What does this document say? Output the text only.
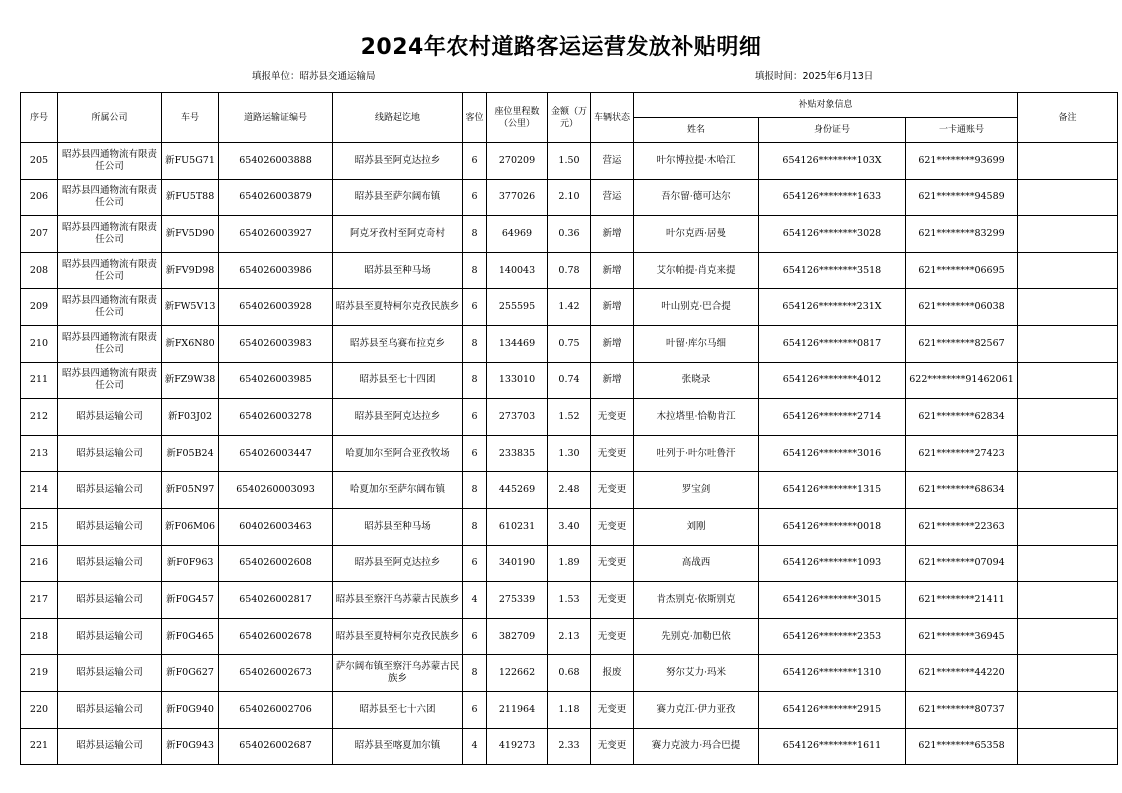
2024年农村道路客运运营发放补贴明细
填报单位：昭苏县交通运输局	填报时间：2025年6月13日
序号	所属公司	车号	道路运输证编号	线路起讫地	客位	座位里程数（公里）	金额（万元）	车辆状态	补贴对象信息			备注
									姓名	身份证号	一卡通账号	
205	昭苏县四通物流有限责任公司	新FU5G71	654026003888	昭苏县至阿克达拉乡	6	270209	1.50	营运	叶尔博拉提·木哈江	654126********103X	621********93699	
206	昭苏县四通物流有限责任公司	新FU5T88	654026003879	昭苏县至萨尔阔布镇	6	377026	2.10	营运	吾尔留·德可达尔	654126********1633	621********94589	
207	昭苏县四通物流有限责任公司	新FV5D90	654026003927	阿克牙孜村至阿克奇村	8	64969	0.36	新增	叶尔克西·居曼	654126********3028	621********83299	
208	昭苏县四通物流有限责任公司	新FV9D98	654026003986	昭苏县至种马场	8	140043	0.78	新增	艾尔帕提·肖克来提	654126********3518	621********06695	
209	昭苏县四通物流有限责任公司	新FW5V13	654026003928	昭苏县至夏特柯尔克孜民族乡	6	255595	1.42	新增	叶山别克·巴合提	654126********231X	621********06038	
210	昭苏县四通物流有限责任公司	新FX6N80	654026003983	昭苏县至乌赛布拉克乡	8	134469	0.75	新增	叶留·库尔马细	654126********0817	621********82567	
211	昭苏县四通物流有限责任公司	新FZ9W38	654026003985	昭苏县至七十四团	8	133010	0.74	新增	张晓录	654126********4012	622********91462061	
212	昭苏县运输公司	新F03J02	654026003278	昭苏县至阿克达拉乡	6	273703	1.52	无变更	木拉塔里·恰勒肯江	654126********2714	621********62834	
213	昭苏县运输公司	新F05B24	654026003447	哈夏加尔至阿合亚孜牧场	6	233835	1.30	无变更	吐列于·叶尔吐鲁汗	654126********3016	621********27423	
214	昭苏县运输公司	新F05N97	6540260003093	哈夏加尔至萨尔阔布镇	8	445269	2.48	无变更	罗宝剑	654126********1315	621********68634	
215	昭苏县运输公司	新F06M06	604026003463	昭苏县至种马场	8	610231	3.40	无变更	刘刚	654126********0018	621********22363	
216	昭苏县运输公司	新F0F963	654026002608	昭苏县至阿克达拉乡	6	340190	1.89	无变更	高战西	654126********1093	621********07094	
217	昭苏县运输公司	新F0G457	654026002817	昭苏县至察汗乌苏蒙古民族乡	4	275339	1.53	无变更	肯杰别克·依斯别克	654126********3015	621********21411	
218	昭苏县运输公司	新F0G465	654026002678	昭苏县至夏特柯尔克孜民族乡	6	382709	2.13	无变更	先别克·加勒巴依	654126********2353	621********36945	
219	昭苏县运输公司	新F0G627	654026002673	萨尔阔布镇至察汗乌苏蒙古民族乡	8	122662	0.68	报废	努尔艾力·玛米	654126********1310	621********44220	
220	昭苏县运输公司	新F0G940	654026002706	昭苏县至七十六团	6	211964	1.18	无变更	赛力克江·伊力亚孜	654126********2915	621********80737	
221	昭苏县运输公司	新F0G943	654026002687	昭苏县至喀夏加尔镇	4	419273	2.33	无变更	赛力克波力·玛合巴提	654126********1611	621********65358	
